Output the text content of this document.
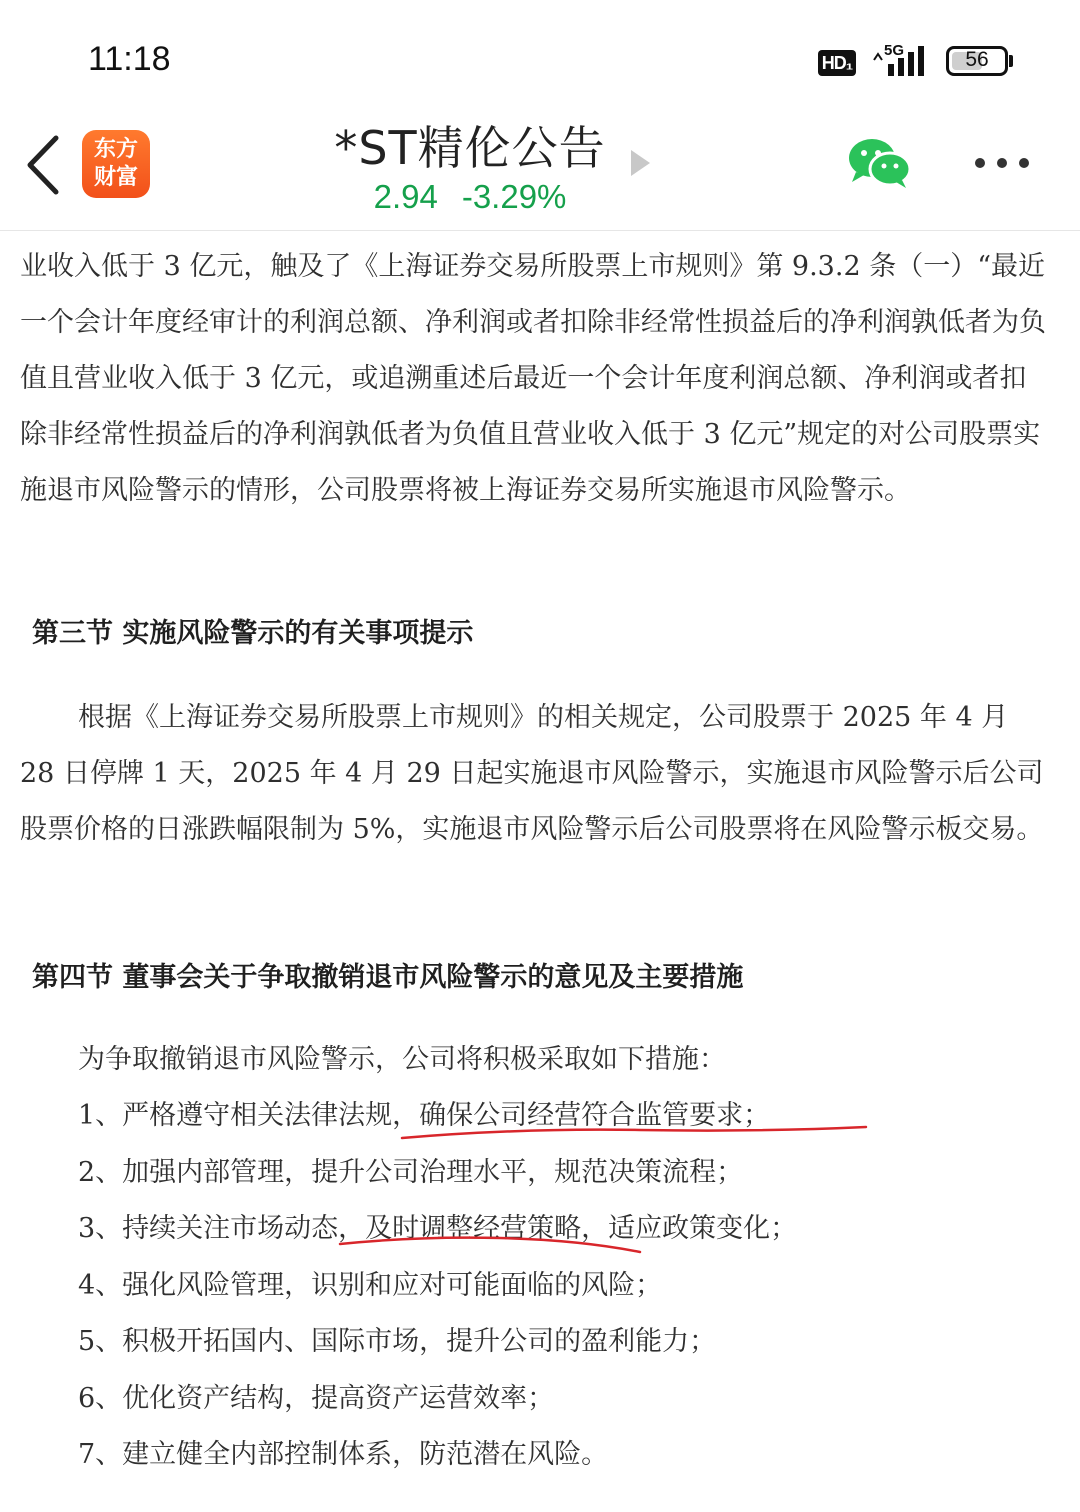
11:18	HD₁
5G	56
东方
财富
*ST精伦公告
2.94 -3.29%

业收入低于 3 亿元，触及了《上海证券交易所股票上市规则》第 9.3.2 条（一）“最近一个会计年度经审计的利润总额、净利润或者扣除非经常性损益后的净利润孰低者为负值且营业收入低于 3 亿元，或追溯重述后最近一个会计年度利润总额、净利润或者扣除非经常性损益后的净利润孰低者为负值且营业收入低于 3 亿元”规定的对公司股票实施退市风险警示的情形，公司股票将被上海证券交易所实施退市风险警示。

第三节 实施风险警示的有关事项提示

根据《上海证券交易所股票上市规则》的相关规定，公司股票于 2025 年 4 月 28 日停牌 1 天，2025 年 4 月 29 日起实施退市风险警示，实施退市风险警示后公司股票价格的日涨跌幅限制为 5%，实施退市风险警示后公司股票将在风险警示板交易。

第四节 董事会关于争取撤销退市风险警示的意见及主要措施
为争取撤销退市风险警示，公司将积极采取如下措施：
1、严格遵守相关法律法规，确保公司经营符合监管要求；
2、加强内部管理，提升公司治理水平，规范决策流程；
3、持续关注市场动态，及时调整经营策略，适应政策变化；
4、强化风险管理，识别和应对可能面临的风险；
5、积极开拓国内、国际市场，提升公司的盈利能力；
6、优化资产结构，提高资产运营效率；
7、建立健全内部控制体系，防范潜在风险。
